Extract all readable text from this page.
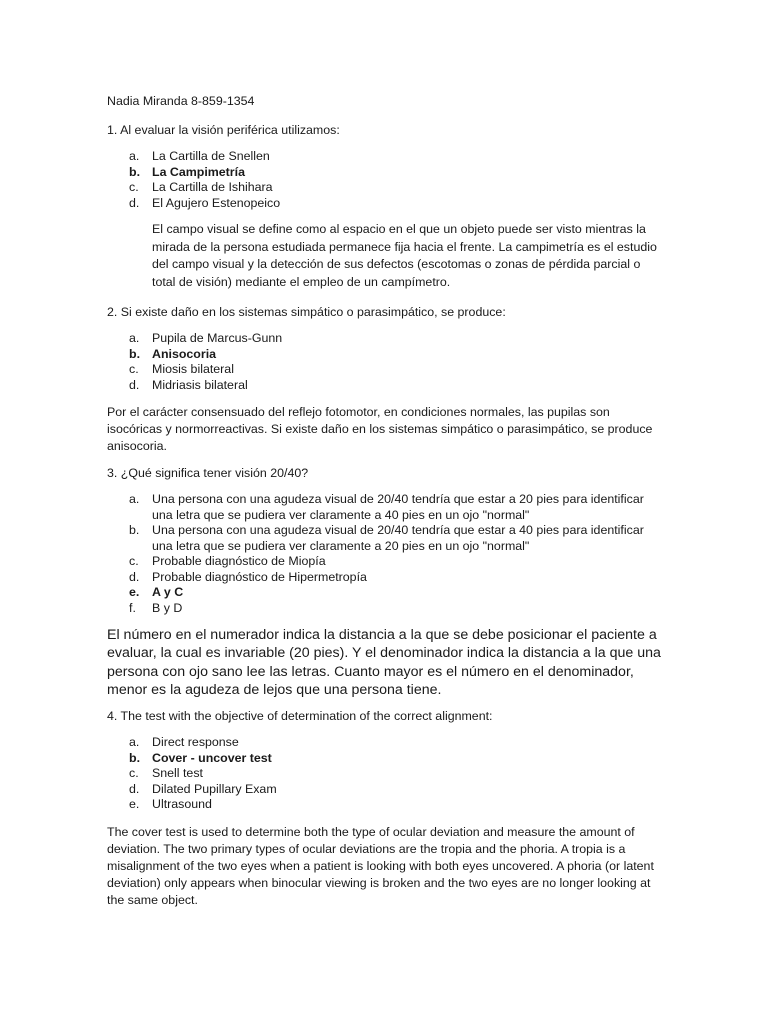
Nadia Miranda 8-859-1354

1. Al evaluar la visión periférica utilizamos:

a.	La Cartilla de Snellen
b. La Campimetría
c.	La Cartilla de Ishihara
d.	El Agujero Estenopeico

El campo visual se define como al espacio en el que un objeto puede ser visto mientras la mirada de la persona estudiada permanece fija hacia el frente. La campimetría es el estudio del campo visual y la detección de sus defectos (escotomas o zonas de pérdida parcial o total de visión) mediante el empleo de un campímetro.

2. Si existe daño en los sistemas simpático o parasimpático, se produce:

a.	Pupila de Marcus-Gunn
b. Anisocoria
c.	Miosis bilateral
d.	Midriasis bilateral

Por el carácter consensuado del reflejo fotomotor, en condiciones normales, las pupilas son isocóricas y normorreactivas. Si existe daño en los sistemas simpático o parasimpático, se produce anisocoria.

3. ¿Qué significa tener visión 20/40?

a.	Una persona con una agudeza visual de 20/40 tendría que estar a 20 pies para identificar una letra que se pudiera ver claramente a 40 pies en un ojo "normal"
b.	Una persona con una agudeza visual de 20/40 tendría que estar a 40 pies para identificar una letra que se pudiera ver claramente a 20 pies en un ojo "normal"
c.	Probable diagnóstico de Miopía
d.	Probable diagnóstico de Hipermetropía
e.	A y C
f.	B y D

El número en el numerador indica la distancia a la que se debe posicionar el paciente a evaluar, la cual es invariable (20 pies). Y el denominador indica la distancia a la que una persona con ojo sano lee las letras. Cuanto mayor es el número en el denominador, menor es la agudeza de lejos que una persona tiene.

4. The test with the objective of determination of the correct alignment:

a.	Direct response
b. Cover - uncover test
c.	Snell test
d.	Dilated Pupillary Exam
e.	Ultrasound

The cover test is used to determine both the type of ocular deviation and measure the amount of deviation. The two primary types of ocular deviations are the tropia and the phoria. A tropia is a misalignment of the two eyes when a patient is looking with both eyes uncovered. A phoria (or latent deviation) only appears when binocular viewing is broken and the two eyes are no longer looking at the same object.
